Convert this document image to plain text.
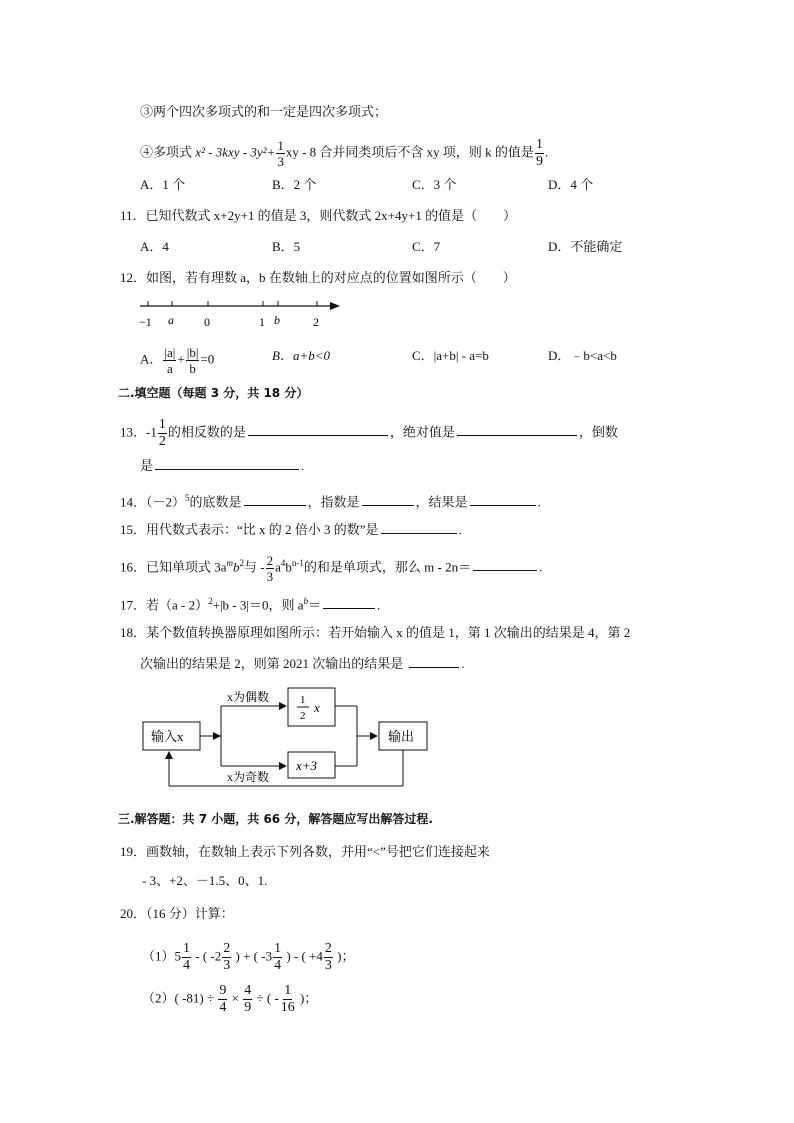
③两个四次多项式的和一定是四次多项式；
④多项式 $x^2 - 3kxy - 3y^2+ \frac{1}{3}$ xy - 8 合并同类项后不含 xy 项，则 k 的值是 $\frac{1}{9}$ .
A．1 个	B．2 个	C．3 个	D．4 个
11．已知代数式 x+2y+1 的值是 3，则代数式 2x+4y+1 的值是（　　）
A．4	B．5	C．7	D．不能确定
12．如图，若有理数 a，b 在数轴上的对应点的位置如图所示（　　）
−1 a	0	1 b	2
A． $\frac{|a|}{a} + \frac{|b|}{b} =0$	B．a+b<0	C．|a+b| - a=b	D．﹣b<a<b
二.填空题（每题 3 分，共 18 分）
13．$-1 \frac{1}{2}$ 的相反数的是	，绝对值是	，倒数
是	.
14．$(-2)^5$的底数是	，指数是	，结果是	.
15．用代数式表示：“比 x 的 2 倍小 3 的数”是	.
16．已知单项式 $3a^mb^2$与 - $\frac{2}{3} a^4b^{n-1}$的和是单项式，那么 m - 2n＝	.
17．若（a - 2）$^2$+|b - 3|＝0，则 $a^b=$	.
18．某个数值转换器原理如图所示：若开始输入 x 的值是 1，第 1 次输出的结果是 4，第 2
次输出的结果是 2，则第 2021 次输出的结果是	.
输入x
x为偶数
x为奇数
1
2
x
x+3
输出
三.解答题：共 7 小题，共 66 分，解答题应写出解答过程.
19．画数轴，在数轴上表示下列各数，并用“<”号把它们连接起来
- 3、+2、－1.5、0、1.
20．（16 分）计算：
$(1)5 \frac{1}{4}$ - ( $-2 \frac{2}{3}$ ) + ( $-3 \frac{1}{4}$ ) - ( $+4 \frac{2}{3}$ )；
（2）( $-81) \div \frac{9}{4} \times \frac{4}{9}$ ÷ ( - $\frac{1}{16}$ )；
